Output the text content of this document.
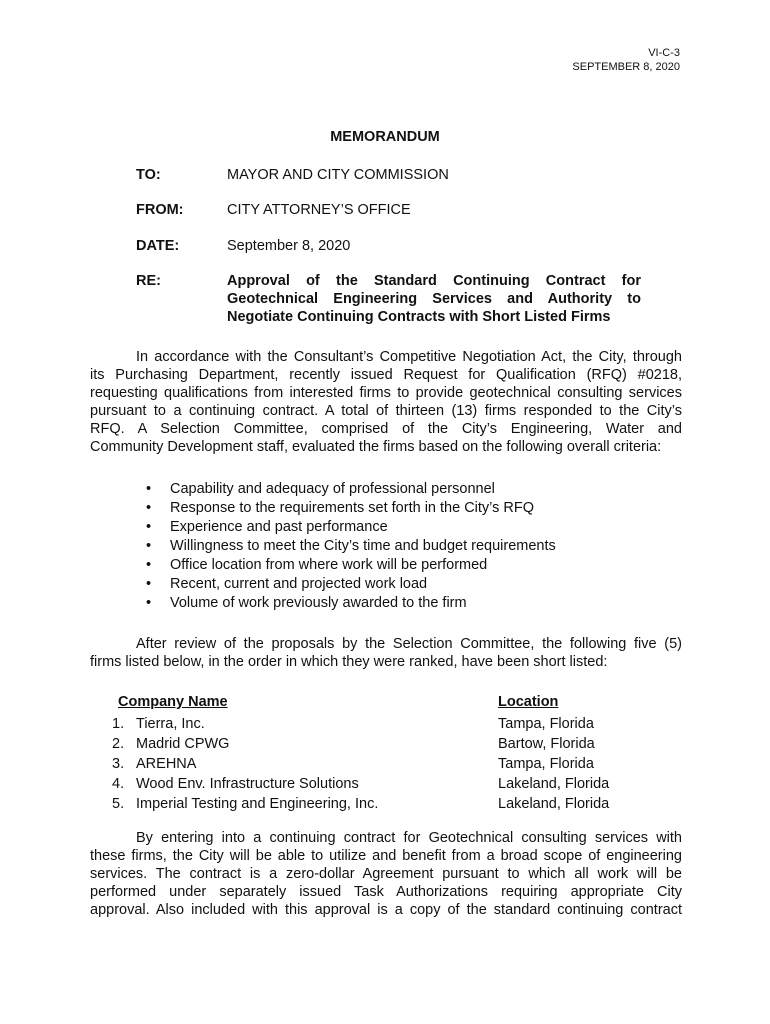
VI-C-3
SEPTEMBER 8, 2020
MEMORANDUM
TO:	MAYOR AND CITY COMMISSION
FROM:	CITY ATTORNEY’S OFFICE
DATE:	September 8, 2020
RE:	Approval of the Standard Continuing Contract for
Geotechnical Engineering Services and Authority to
Negotiate Continuing Contracts with Short Listed Firms
In accordance with the Consultant’s Competitive Negotiation Act, the City, through
its Purchasing Department, recently issued Request for Qualification (RFQ) #0218,
requesting qualifications from interested firms to provide geotechnical consulting services
pursuant to a continuing contract. A total of thirteen (13) firms responded to the City’s
RFQ. A Selection Committee, comprised of the City’s Engineering, Water and
Community Development staff, evaluated the firms based on the following overall criteria:
• Capability and adequacy of professional personnel
• Response to the requirements set forth in the City’s RFQ
• Experience and past performance
• Willingness to meet the City’s time and budget requirements
• Office location from where work will be performed
• Recent, current and projected work load
• Volume of work previously awarded to the firm
After review of the proposals by the Selection Committee, the following five (5)
firms listed below, in the order in which they were ranked, have been short listed:
Company Name	Location
1. Tierra, Inc.	Tampa, Florida
2. Madrid CPWG	Bartow, Florida
3. AREHNA	Tampa, Florida
4. Wood Env. Infrastructure Solutions	Lakeland, Florida
5. Imperial Testing and Engineering, Inc.	Lakeland, Florida
By entering into a continuing contract for Geotechnical consulting services with
these firms, the City will be able to utilize and benefit from a broad scope of engineering
services. The contract is a zero-dollar Agreement pursuant to which all work will be
performed under separately issued Task Authorizations requiring appropriate City
approval. Also included with this approval is a copy of the standard continuing contract
